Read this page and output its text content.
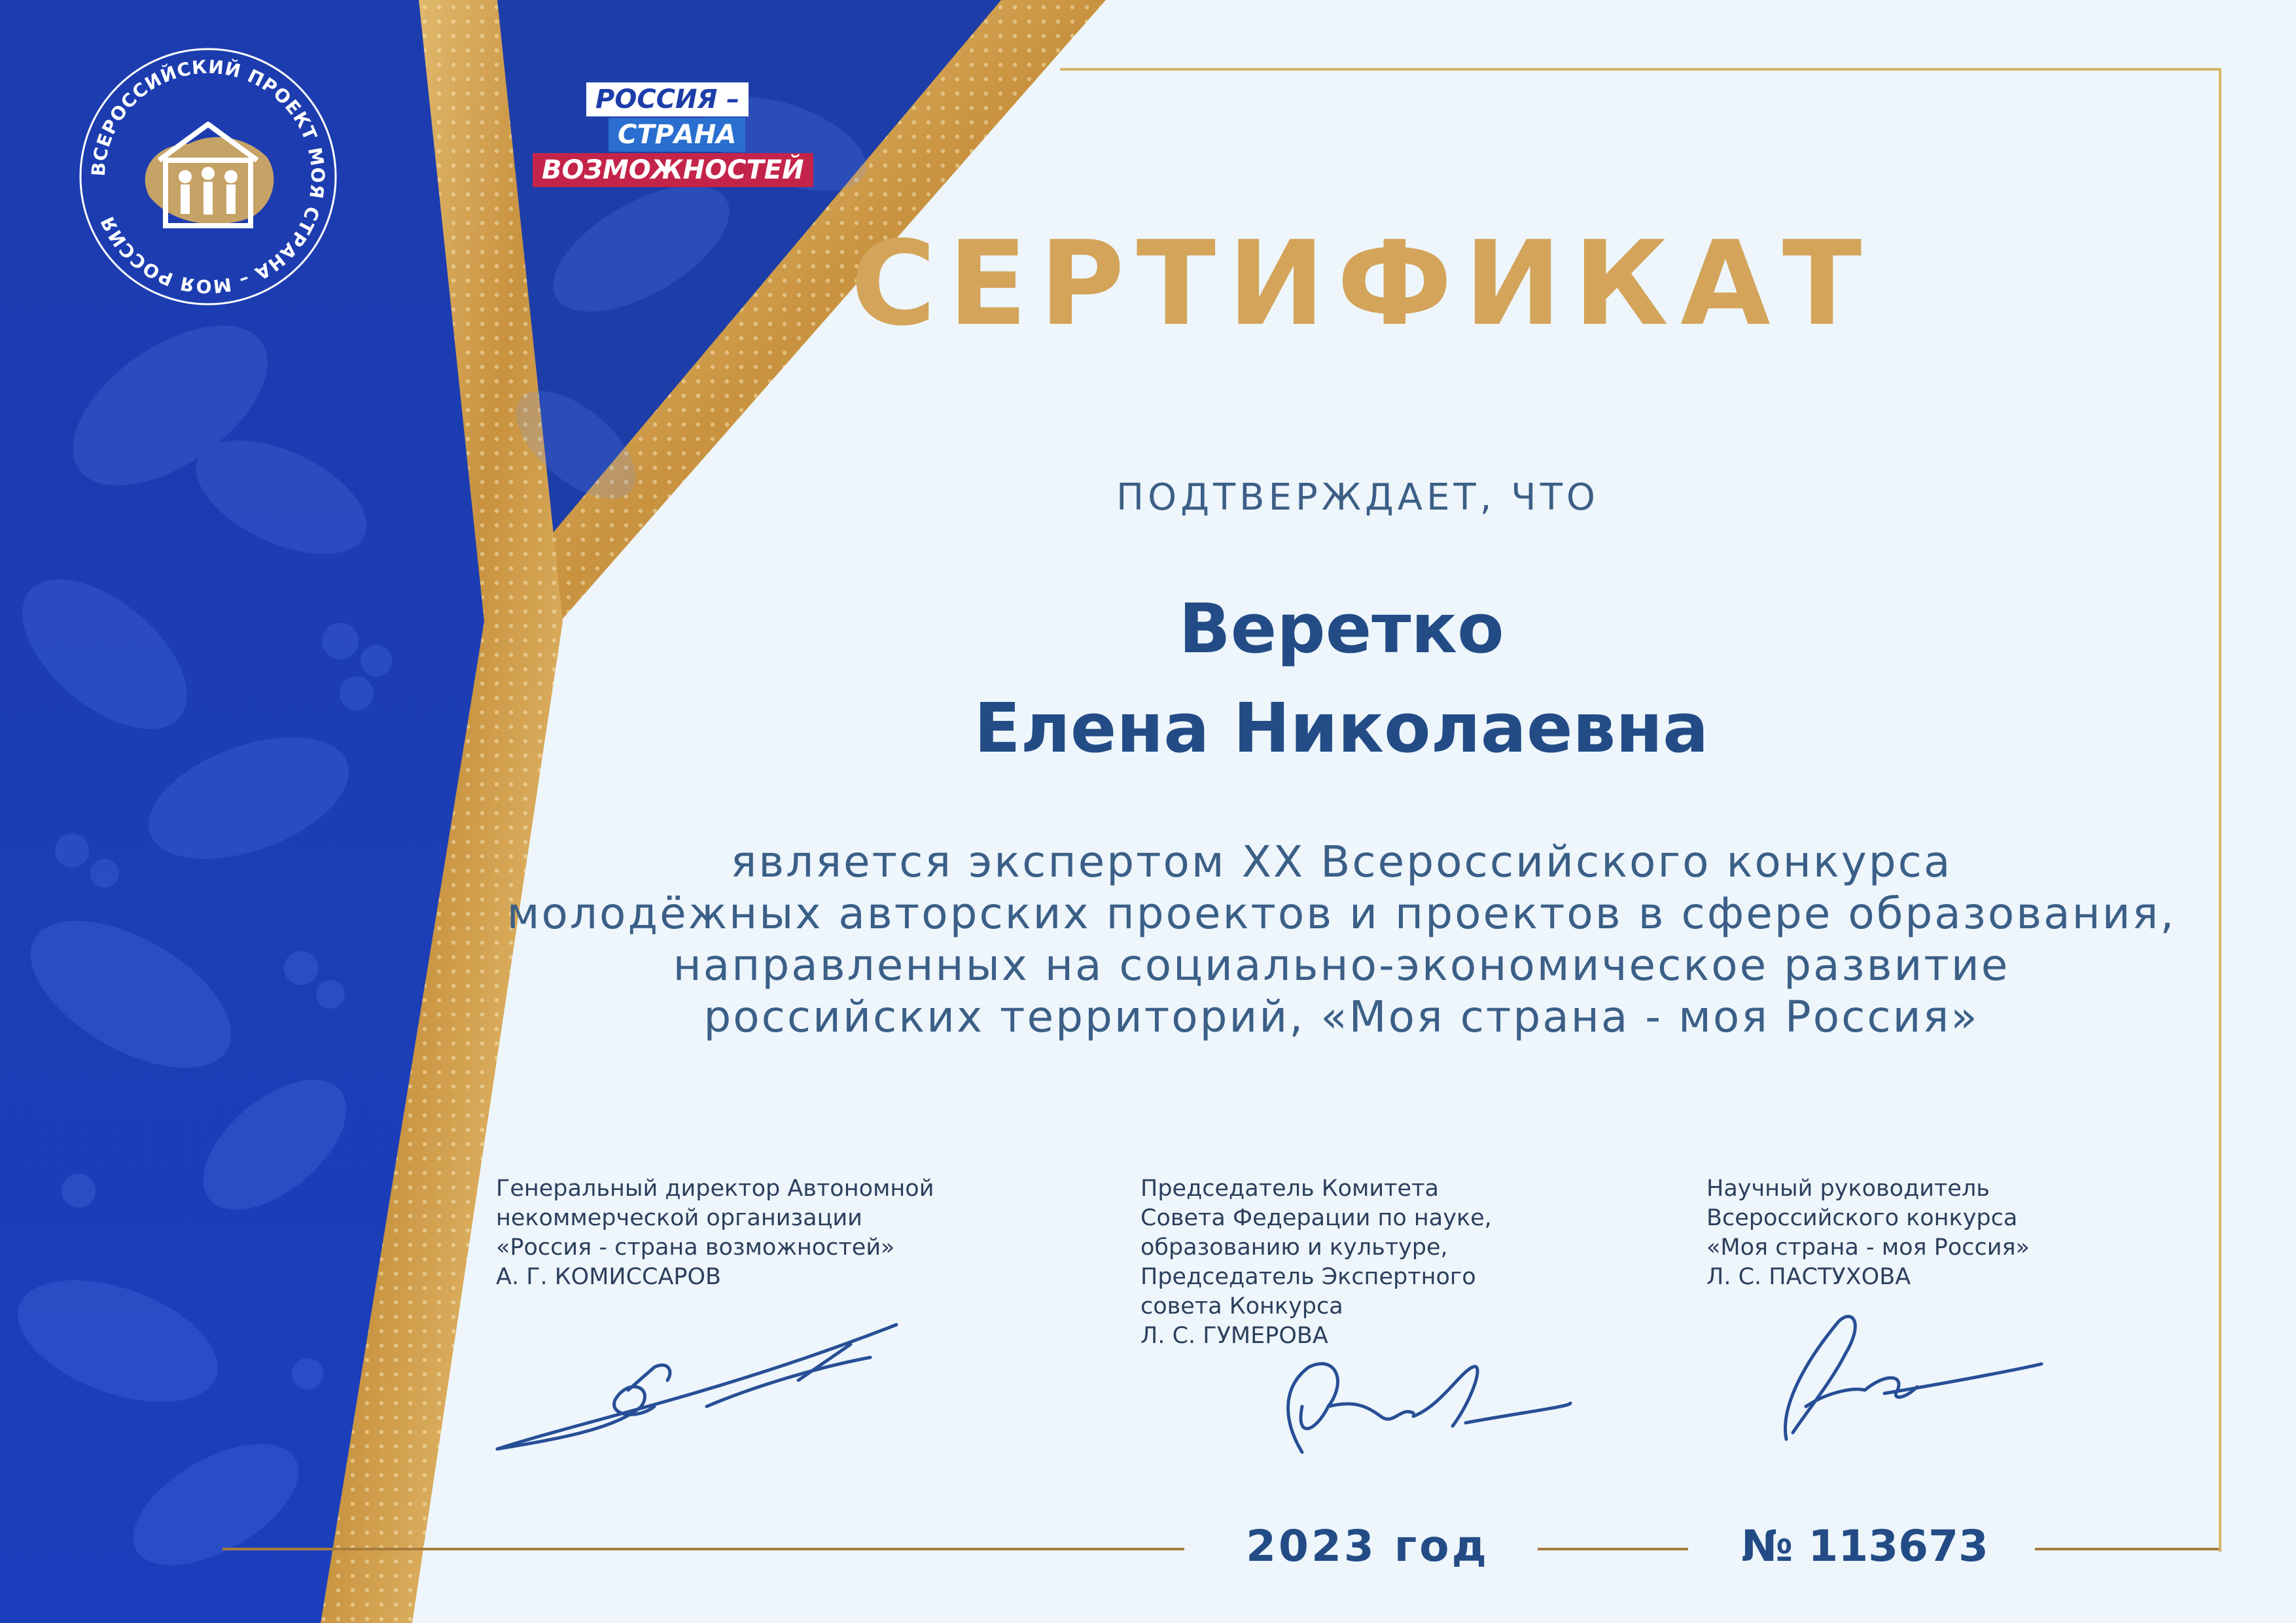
ВСЕРОССИЙСКИЙ ПРОЕКТ МОЯ СТРАНА – МОЯ РОССИЯ
РОССИЯ –
СТРАНА
ВОЗМОЖНОСТЕЙ
СЕРТИФИКАТ
ПОДТВЕРЖДАЕТ, ЧТО
Веретко
Елена Николаевна
является экспертом XX Всероссийского конкурса
молодёжных авторских проектов и проектов в сфере образования,
направленных на социально-экономическое развитие
российских территорий, «Моя страна - моя Россия»
Генеральный директор Автономной
некоммерческой организации
«Россия - страна возможностей»
А. Г. КОМИССАРОВ
Председатель Комитета
Совета Федерации по науке,
образованию и культуре,
Председатель Экспертного
совета Конкурса
Л. С. ГУМЕРОВА
Научный руководитель
Всероссийского конкурса
«Моя страна - моя Россия»
Л. С. ПАСТУХОВА
2023 год	№ 113673
